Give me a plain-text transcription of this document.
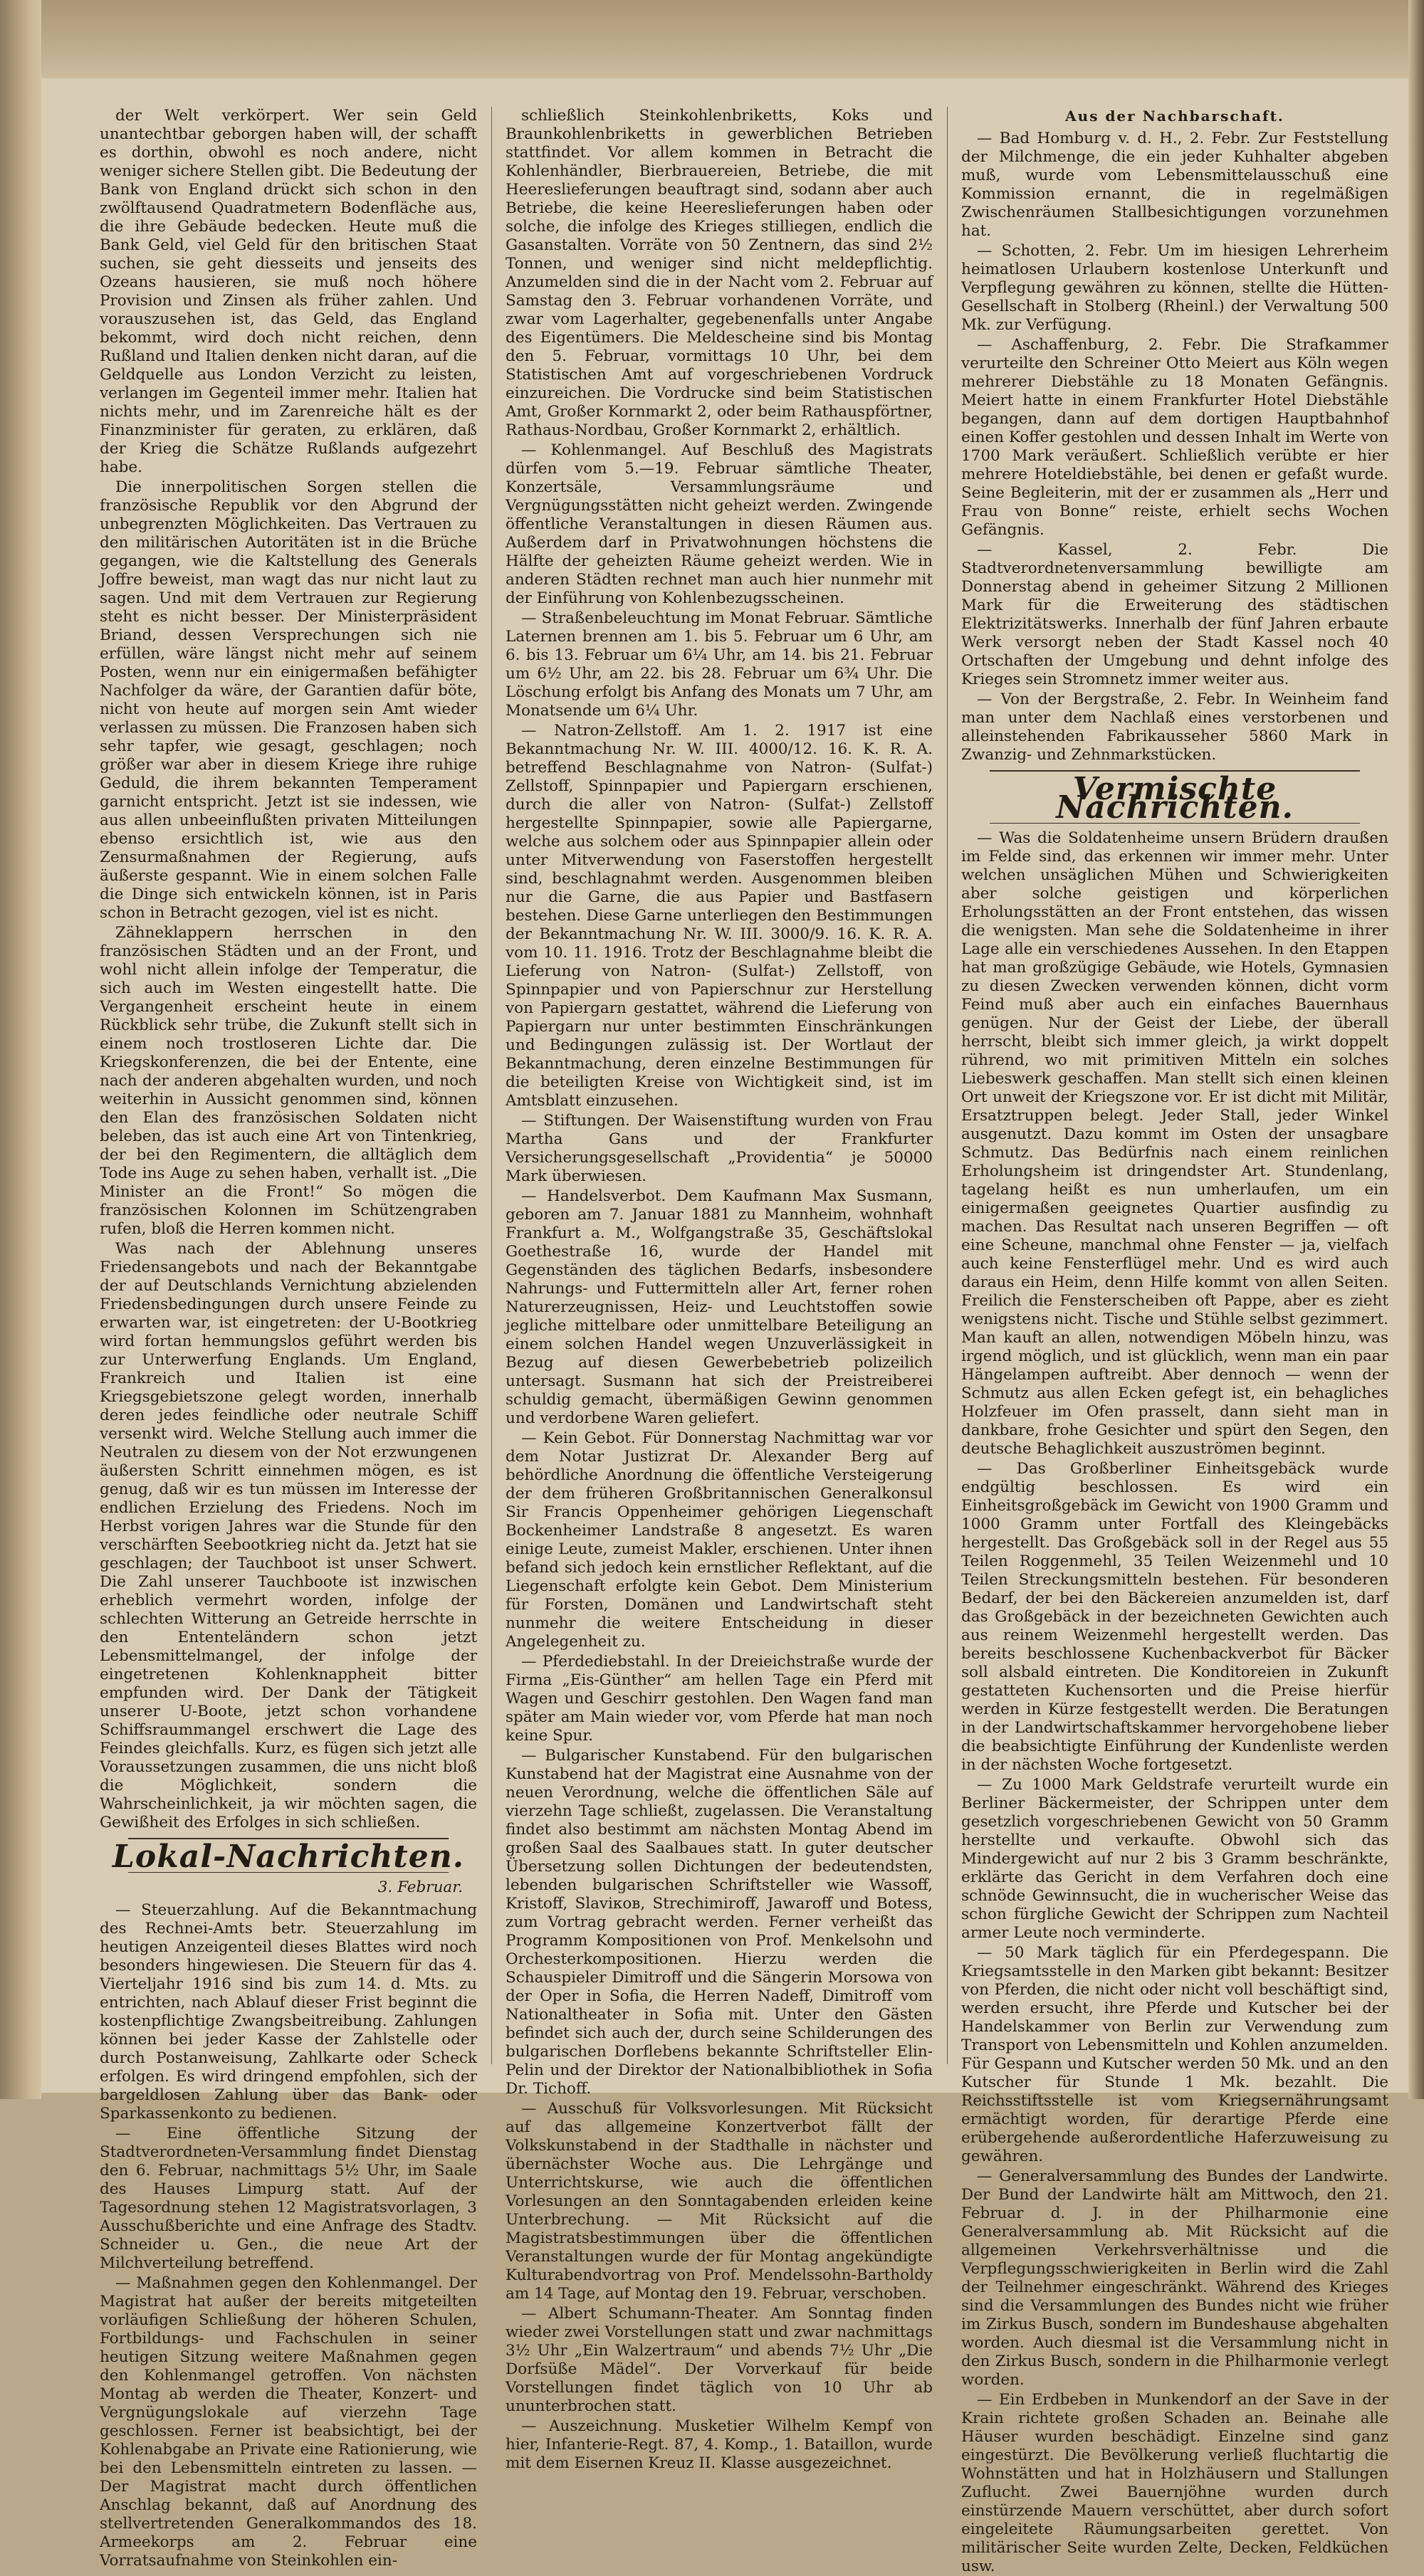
der Welt verkörpert. Wer sein Geld unantechtbar geborgen haben will, der schafft es dorthin, obwohl es noch andere, nicht weniger sichere Stellen gibt. Die Bedeutung der Bank von England drückt sich schon in den zwölftausend Quadratmetern Bodenfläche aus, die ihre Gebäude bedecken. Heute muß die Bank Geld, viel Geld für den britischen Staat suchen, sie geht diesseits und jenseits des Ozeans hausieren, sie muß noch höhere Provision und Zinsen als früher zahlen. Und vorauszusehen ist, das Geld, das England bekommt, wird doch nicht reichen, denn Rußland und Italien denken nicht daran, auf die Geldquelle aus London Verzicht zu leisten, verlangen im Gegenteil immer mehr. Italien hat nichts mehr, und im Zarenreiche hält es der Finanzminister für geraten, zu erklären, daß der Krieg die Schätze Rußlands aufgezehrt habe.

Die innerpolitischen Sorgen stellen die französische Republik vor den Abgrund der unbegrenzten Möglichkeiten. Das Vertrauen zu den militärischen Autoritäten ist in die Brüche gegangen, wie die Kaltstellung des Generals Joffre beweist, man wagt das nur nicht laut zu sagen. Und mit dem Vertrauen zur Regierung steht es nicht besser. Der Ministerpräsident Briand, dessen Versprechungen sich nie erfüllen, wäre längst nicht mehr auf seinem Posten, wenn nur ein einigermaßen befähigter Nachfolger da wäre, der Garantien dafür böte, nicht von heute auf morgen sein Amt wieder verlassen zu müssen. Die Franzosen haben sich sehr tapfer, wie gesagt, geschlagen; noch größer war aber in diesem Kriege ihre ruhige Geduld, die ihrem bekannten Temperament garnicht entspricht. Jetzt ist sie indessen, wie aus allen unbeeinflußten privaten Mitteilungen ebenso ersichtlich ist, wie aus den Zensurmaßnahmen der Regierung, aufs äußerste gespannt. Wie in einem solchen Falle die Dinge sich entwickeln können, ist in Paris schon in Betracht gezogen, viel ist es nicht.

Zähneklappern herrschen in den französischen Städten und an der Front, und wohl nicht allein infolge der Temperatur, die sich auch im Westen eingestellt hatte. Die Vergangenheit erscheint heute in einem Rückblick sehr trübe, die Zukunft stellt sich in einem noch trostloseren Lichte dar. Die Kriegskonferenzen, die bei der Entente, eine nach der anderen abgehalten wurden, und noch weiterhin in Aussicht genommen sind, können den Elan des französischen Soldaten nicht beleben, das ist auch eine Art von Tintenkrieg, der bei den Regimentern, die alltäglich dem Tode ins Auge zu sehen haben, verhallt ist. „Die Minister an die Front!“ So mögen die französischen Kolonnen im Schützengraben rufen, bloß die Herren kommen nicht.

Was nach der Ablehnung unseres Friedensangebots und nach der Bekanntgabe der auf Deutschlands Vernichtung abzielenden Friedensbedingungen durch unsere Feinde zu erwarten war, ist eingetreten: der U-Bootkrieg wird fortan hemmungslos geführt werden bis zur Unterwerfung Englands. Um England, Frankreich und Italien ist eine Kriegsgebietszone gelegt worden, innerhalb deren jedes feindliche oder neutrale Schiff versenkt wird. Welche Stellung auch immer die Neutralen zu diesem von der Not erzwungenen äußersten Schritt einnehmen mögen, es ist genug, daß wir es tun müssen im Interesse der endlichen Erzielung des Friedens. Noch im Herbst vorigen Jahres war die Stunde für den verschärften Seebootkrieg nicht da. Jetzt hat sie geschlagen; der Tauchboot ist unser Schwert. Die Zahl unserer Tauchboote ist inzwischen erheblich vermehrt worden, infolge der schlechten Witterung an Getreide herrschte in den Ententeländern schon jetzt Lebensmittelmangel, der infolge der eingetretenen Kohlenknappheit bitter empfunden wird. Der Dank der Tätigkeit unserer U-Boote, jetzt schon vorhandene Schiffsraummangel erschwert die Lage des Feindes gleichfalls. Kurz, es fügen sich jetzt alle Voraussetzungen zusammen, die uns nicht bloß die Möglichkeit, sondern die Wahrscheinlichkeit, ja wir möchten sagen, die Gewißheit des Erfolges in sich schließen.

Lokal-Nachrichten.
3. Februar.

— Steuerzahlung. Auf die Bekanntmachung des Rechnei-Amts betr. Steuerzahlung im heutigen Anzeigenteil dieses Blattes wird noch besonders hingewiesen. Die Steuern für das 4. Vierteljahr 1916 sind bis zum 14. d. Mts. zu entrichten, nach Ablauf dieser Frist beginnt die kostenpflichtige Zwangsbeitreibung. Zahlungen können bei jeder Kasse der Zahlstelle oder durch Postanweisung, Zahlkarte oder Scheck erfolgen. Es wird dringend empfohlen, sich der bargeldlosen Zahlung über das Bank- oder Sparkassenkonto zu bedienen.

— Eine öffentliche Sitzung der Stadtverordneten-Versammlung findet Dienstag den 6. Februar, nachmittags 5½ Uhr, im Saale des Hauses Limpurg statt. Auf der Tagesordnung stehen 12 Magistratsvorlagen, 3 Ausschußberichte und eine Anfrage des Stadtv. Schneider u. Gen., die neue Art der Milchverteilung betreffend.

— Maßnahmen gegen den Kohlenmangel. Der Magistrat hat außer der bereits mitgeteilten vorläufigen Schließung der höheren Schulen, Fortbildungs- und Fachschulen in seiner heutigen Sitzung weitere Maßnahmen gegen den Kohlenmangel getroffen. Von nächsten Montag ab werden die Theater, Konzert- und Vergnügungslokale auf vierzehn Tage geschlossen. Ferner ist beabsichtigt, bei der Kohlenabgabe an Private eine Rationierung, wie bei den Lebensmitteln eintreten zu lassen. — Der Magistrat macht durch öffentlichen Anschlag bekannt, daß auf Anordnung des stellvertretenden Generalkommandos des 18. Armeekorps am 2. Februar eine Vorratsaufnahme von Steinkohlen ein-

schließlich Steinkohlenbriketts, Koks und Braunkohlenbriketts in gewerblichen Betrieben stattfindet. Vor allem kommen in Betracht die Kohlenhändler, Bierbrauereien, Betriebe, die mit Heereslieferungen beauftragt sind, sodann aber auch Betriebe, die keine Heereslieferungen haben oder solche, die infolge des Krieges stilliegen, endlich die Gasanstalten. Vorräte von 50 Zentnern, das sind 2½ Tonnen, und weniger sind nicht meldepflichtig. Anzumelden sind die in der Nacht vom 2. Februar auf Samstag den 3. Februar vorhandenen Vorräte, und zwar vom Lagerhalter, gegebenenfalls unter Angabe des Eigentümers. Die Meldescheine sind bis Montag den 5. Februar, vormittags 10 Uhr, bei dem Statistischen Amt auf vorgeschriebenen Vordruck einzureichen. Die Vordrucke sind beim Statistischen Amt, Großer Kornmarkt 2, oder beim Rathauspförtner, Rathaus-Nordbau, Großer Kornmarkt 2, erhältlich.

— Kohlenmangel. Auf Beschluß des Magistrats dürfen vom 5.—19. Februar sämtliche Theater, Konzertsäle, Versammlungsräume und Vergnügungsstätten nicht geheizt werden. Zwingende öffentliche Veranstaltungen in diesen Räumen aus. Außerdem darf in Privatwohnungen höchstens die Hälfte der geheizten Räume geheizt werden. Wie in anderen Städten rechnet man auch hier nunmehr mit der Einführung von Kohlenbezugsscheinen.

— Straßenbeleuchtung im Monat Februar. Sämtliche Laternen brennen am 1. bis 5. Februar um 6 Uhr, am 6. bis 13. Februar um 6¼ Uhr, am 14. bis 21. Februar um 6½ Uhr, am 22. bis 28. Februar um 6¾ Uhr. Die Löschung erfolgt bis Anfang des Monats um 7 Uhr, am Monatsende um 6¼ Uhr.

— Natron-Zellstoff. Am 1. 2. 1917 ist eine Bekanntmachung Nr. W. III. 4000/12. 16. K. R. A. betreffend Beschlagnahme von Natron- (Sulfat-) Zellstoff, Spinnpapier und Papiergarn erschienen, durch die aller von Natron- (Sulfat-) Zellstoff hergestellte Spinnpapier, sowie alle Papiergarne, welche aus solchem oder aus Spinnpapier allein oder unter Mitverwendung von Faserstoffen hergestellt sind, beschlagnahmt werden. Ausgenommen bleiben nur die Garne, die aus Papier und Bastfasern bestehen. Diese Garne unterliegen den Bestimmungen der Bekanntmachung Nr. W. III. 3000/9. 16. K. R. A. vom 10. 11. 1916. Trotz der Beschlagnahme bleibt die Lieferung von Natron- (Sulfat-) Zellstoff, von Spinnpapier und von Papierschnur zur Herstellung von Papiergarn gestattet, während die Lieferung von Papiergarn nur unter bestimmten Einschränkungen und Bedingungen zulässig ist. Der Wortlaut der Bekanntmachung, deren einzelne Bestimmungen für die beteiligten Kreise von Wichtigkeit sind, ist im Amtsblatt einzusehen.

— Stiftungen. Der Waisenstiftung wurden von Frau Martha Gans und der Frankfurter Versicherungsgesellschaft „Providentia“ je 50000 Mark überwiesen.

— Handelsverbot. Dem Kaufmann Max Susmann, geboren am 7. Januar 1881 zu Mannheim, wohnhaft Frankfurt a. M., Wolfgangstraße 35, Geschäftslokal Goethestraße 16, wurde der Handel mit Gegenständen des täglichen Bedarfs, insbesondere Nahrungs- und Futtermitteln aller Art, ferner rohen Naturerzeugnissen, Heiz- und Leuchtstoffen sowie jegliche mittelbare oder unmittelbare Beteiligung an einem solchen Handel wegen Unzuverlässigkeit in Bezug auf diesen Gewerbebetrieb polizeilich untersagt. Susmann hat sich der Preistreiberei schuldig gemacht, übermäßigen Gewinn genommen und verdorbene Waren geliefert.

— Kein Gebot. Für Donnerstag Nachmittag war vor dem Notar Justizrat Dr. Alexander Berg auf behördliche Anordnung die öffentliche Versteigerung der dem früheren Großbritannischen Generalkonsul Sir Francis Oppenheimer gehörigen Liegenschaft Bockenheimer Landstraße 8 angesetzt. Es waren einige Leute, zumeist Makler, erschienen. Unter ihnen befand sich jedoch kein ernstlicher Reflektant, auf die Liegenschaft erfolgte kein Gebot. Dem Ministerium für Forsten, Domänen und Landwirtschaft steht nunmehr die weitere Entscheidung in dieser Angelegenheit zu.

— Pferdediebstahl. In der Dreieichstraße wurde der Firma „Eis-Günther“ am hellen Tage ein Pferd mit Wagen und Geschirr gestohlen. Den Wagen fand man später am Main wieder vor, vom Pferde hat man noch keine Spur.

— Bulgarischer Kunstabend. Für den bulgarischen Kunstabend hat der Magistrat eine Ausnahme von der neuen Verordnung, welche die öffentlichen Säle auf vierzehn Tage schließt, zugelassen. Die Veranstaltung findet also bestimmt am nächsten Montag Abend im großen Saal des Saalbaues statt. In guter deutscher Übersetzung sollen Dichtungen der bedeutendsten, lebenden bulgarischen Schriftsteller wie Wassoff, Kristoff, Slaviков, Strechimiroff, Jawaroff und Botess, zum Vortrag gebracht werden. Ferner verheißt das Programm Kompositionen von Prof. Menkelsohn und Orchesterkompositionen. Hierzu werden die Schauspieler Dimitroff und die Sängerin Morsowa von der Oper in Sofia, die Herren Nadeff, Dimitroff vom Nationaltheater in Sofia mit. Unter den Gästen befindet sich auch der, durch seine Schilderungen des bulgarischen Dorflebens bekannte Schriftsteller Elin-Pelin und der Direktor der Nationalbibliothek in Sofia Dr. Tichoff.

— Ausschuß für Volksvorlesungen. Mit Rücksicht auf das allgemeine Konzertverbot fällt der Volkskunstabend in der Stadthalle in nächster und übernächster Woche aus. Die Lehrgänge und Unterrichtskurse, wie auch die öffentlichen Vorlesungen an den Sonntagabenden erleiden keine Unterbrechung. — Mit Rücksicht auf die Magistratsbestimmungen über die öffentlichen Veranstaltungen wurde der für Montag angekündigte Kulturabendvortrag von Prof. Mendelssohn-Bartholdy am 14 Tage, auf Montag den 19. Februar, verschoben.

— Albert Schumann-Theater. Am Sonntag finden wieder zwei Vorstellungen statt und zwar nachmittags 3½ Uhr „Ein Walzertraum“ und abends 7½ Uhr „Die Dorfsüße Mädel“. Der Vorverkauf für beide Vorstellungen findet täglich von 10 Uhr ab ununterbrochen statt.

— Auszeichnung. Musketier Wilhelm Kempf von hier, Infanterie-Regt. 87, 4. Komp., 1. Bataillon, wurde mit dem Eisernen Kreuz II. Klasse ausgezeichnet.

Aus der Nachbarschaft.

— Bad Homburg v. d. H., 2. Febr. Zur Feststellung der Milchmenge, die ein jeder Kuhhalter abgeben muß, wurde vom Lebensmittelausschuß eine Kommission ernannt, die in regelmäßigen Zwischenräumen Stallbesichtigungen vorzunehmen hat.

— Schotten, 2. Febr. Um im hiesigen Lehrerheim heimatlosen Urlaubern kostenlose Unterkunft und Verpflegung gewähren zu können, stellte die Hütten-Gesellschaft in Stolberg (Rheinl.) der Verwaltung 500 Mk. zur Verfügung.

— Aschaffenburg, 2. Febr. Die Strafkammer verurteilte den Schreiner Otto Meiert aus Köln wegen mehrerer Diebstähle zu 18 Monaten Gefängnis. Meiert hatte in einem Frankfurter Hotel Diebstähle begangen, dann auf dem dortigen Hauptbahnhof einen Koffer gestohlen und dessen Inhalt im Werte von 1700 Mark veräußert. Schließlich verübte er hier mehrere Hoteldiebstähle, bei denen er gefaßt wurde. Seine Begleiterin, mit der er zusammen als „Herr und Frau von Bonne“ reiste, erhielt sechs Wochen Gefängnis.

— Kassel, 2. Febr. Die Stadtverordnetenversammlung bewilligte am Donnerstag abend in geheimer Sitzung 2 Millionen Mark für die Erweiterung des städtischen Elektrizitätswerks. Innerhalb der fünf Jahren erbaute Werk versorgt neben der Stadt Kassel noch 40 Ortschaften der Umgebung und dehnt infolge des Krieges sein Stromnetz immer weiter aus.

— Von der Bergstraße, 2. Febr. In Weinheim fand man unter dem Nachlaß eines verstorbenen und alleinstehenden Fabrikausseher 5860 Mark in Zwanzig- und Zehnmarkstücken.

Vermischte Nachrichten.

— Was die Soldatenheime unsern Brüdern draußen im Felde sind, das erkennen wir immer mehr. Unter welchen unsäglichen Mühen und Schwierigkeiten aber solche geistigen und körperlichen Erholungsstätten an der Front entstehen, das wissen die wenigsten. Man sehe die Soldatenheime in ihrer Lage alle ein verschiedenes Aussehen. In den Etappen hat man großzügige Gebäude, wie Hotels, Gymnasien zu diesen Zwecken verwenden können, dicht vorm Feind muß aber auch ein einfaches Bauernhaus genügen. Nur der Geist der Liebe, der überall herrscht, bleibt sich immer gleich, ja wirkt doppelt rührend, wo mit primitiven Mitteln ein solches Liebeswerk geschaffen. Man stellt sich einen kleinen Ort unweit der Kriegszone vor. Er ist dicht mit Militär, Ersatztruppen belegt. Jeder Stall, jeder Winkel ausgenutzt. Dazu kommt im Osten der unsagbare Schmutz. Das Bedürfnis nach einem reinlichen Erholungsheim ist dringendster Art. Stundenlang, tagelang heißt es nun umherlaufen, um ein einigermaßen geeignetes Quartier ausfindig zu machen. Das Resultat nach unseren Begriffen — oft eine Scheune, manchmal ohne Fenster — ja, vielfach auch keine Fensterflügel mehr. Und es wird auch daraus ein Heim, denn Hilfe kommt von allen Seiten. Freilich die Fensterscheiben oft Pappe, aber es zieht wenigstens nicht. Tische und Stühle selbst gezimmert. Man kauft an allen, notwendigen Möbeln hinzu, was irgend möglich, und ist glücklich, wenn man ein paar Hängelampen auftreibt. Aber dennoch — wenn der Schmutz aus allen Ecken gefegt ist, ein behagliches Holzfeuer im Ofen prasselt, dann sieht man in dankbare, frohe Gesichter und spürt den Segen, den deutsche Behaglichkeit auszuströmen beginnt.

— Das Großberliner Einheitsgebäck wurde endgültig beschlossen. Es wird ein Einheitsgroßgebäck im Gewicht von 1900 Gramm und 1000 Gramm unter Fortfall des Kleingebäcks hergestellt. Das Großgebäck soll in der Regel aus 55 Teilen Roggenmehl, 35 Teilen Weizenmehl und 10 Teilen Streckungsmitteln bestehen. Für besonderen Bedarf, der bei den Bäckereien anzumelden ist, darf das Großgebäck in der bezeichneten Gewichten auch aus reinem Weizenmehl hergestellt werden. Das bereits beschlossene Kuchenbackverbot für Bäcker soll alsbald eintreten. Die Konditoreien in Zukunft gestatteten Kuchensorten und die Preise hierfür werden in Kürze festgestellt werden. Die Beratungen in der Landwirtschaftskammer hervorgehobene lieber die beabsichtigte Einführung der Kundenliste werden in der nächsten Woche fortgesetzt.

— Zu 1000 Mark Geldstrafe verurteilt wurde ein Berliner Bäckermeister, der Schrippen unter dem gesetzlich vorgeschriebenen Gewicht von 50 Gramm herstellte und verkaufte. Obwohl sich das Mindergewicht auf nur 2 bis 3 Gramm beschränkte, erklärte das Gericht in dem Verfahren doch eine schnöde Gewinnsucht, die in wucherischer Weise das schon fürgliche Gewicht der Schrippen zum Nachteil armer Leute noch verminderte.

— 50 Mark täglich für ein Pferdegespann. Die Kriegsamtsstelle in den Marken gibt bekannt: Besitzer von Pferden, die nicht oder nicht voll beschäftigt sind, werden ersucht, ihre Pferde und Kutscher bei der Handelskammer von Berlin zur Verwendung zum Transport von Lebensmitteln und Kohlen anzumelden. Für Gespann und Kutscher werden 50 Mk. und an den Kutscher für Stunde 1 Mk. bezahlt. Die Reichsstiftsstelle ist vom Kriegsernährungsamt ermächtigt worden, für derartige Pferde eine erübergehende außerordentliche Haferzuweisung zu gewähren.

— Generalversammlung des Bundes der Landwirte. Der Bund der Landwirte hält am Mittwoch, den 21. Februar d. J. in der Philharmonie eine Generalversammlung ab. Mit Rücksicht auf die allgemeinen Verkehrsverhältnisse und die Verpflegungsschwierigkeiten in Berlin wird die Zahl der Teilnehmer eingeschränkt. Während des Krieges sind die Versammlungen des Bundes nicht wie früher im Zirkus Busch, sondern im Bundeshause abgehalten worden. Auch diesmal ist die Versammlung nicht in den Zirkus Busch, sondern in die Philharmonie verlegt worden.

— Ein Erdbeben in Munkendorf an der Save in der Krain richtete großen Schaden an. Beinahe alle Häuser wurden beschädigt. Einzelne sind ganz eingestürzt. Die Bevölkerung verließ fluchtartig die Wohnstätten und hat in Holzhäusern und Stallungen Zuflucht. Zwei Bauernjöhne wurden durch einstürzende Mauern verschüttet, aber durch sofort eingeleitete Räumungsarbeiten gerettet. Von militärischer Seite wurden Zelte, Decken, Feldküchen usw.
